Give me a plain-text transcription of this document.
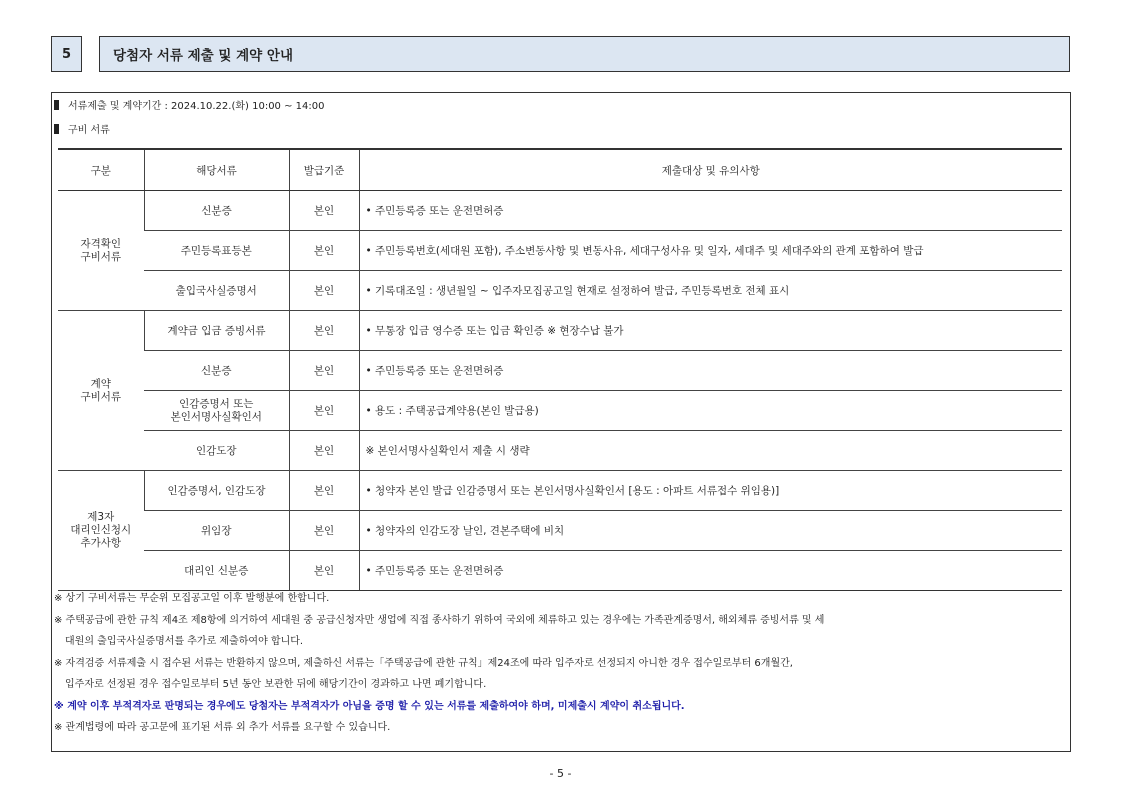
5	당첨자 서류 제출 및 계약 안내
서류제출 및 계약기간 : 2024.10.22.(화) 10:00 ~ 14:00
구비 서류
구분	해당서류	발급기준	제출대상 및 유의사항
자격확인
구비서류	신분증	본인	• 주민등록증 또는 운전면허증
	주민등록표등본	본인	• 주민등록번호(세대원 포함), 주소변동사항 및 변동사유, 세대구성사유 및 일자, 세대주 및 세대주와의 관계 포함하여 발급
	출입국사실증명서	본인	• 기록대조일 : 생년월일 ~ 입주자모집공고일 현재로 설정하여 발급, 주민등록번호 전체 표시
계약
구비서류	계약금 입금 증빙서류	본인	• 무통장 입금 영수증 또는 입금 확인증 ※ 현장수납 불가
	신분증	본인	• 주민등록증 또는 운전면허증
	인감증명서 또는
본인서명사실확인서	본인	• 용도 : 주택공급계약용(본인 발급용)
	인감도장	본인	※ 본인서명사실확인서 제출 시 생략
제3자
대리인신청시
추가사항	인감증명서, 인감도장	본인	• 청약자 본인 발급 인감증명서 또는 본인서명사실확인서 [용도 : 아파트 서류접수 위임용)]
	위임장	본인	• 청약자의 인감도장 날인, 견본주택에 비치
	대리인 신분증	본인	• 주민등록증 또는 운전면허증

※ 상기 구비서류는 무순위 모집공고일 이후 발행분에 한합니다.

※ 주택공급에 관한 규칙 제4조 제8항에 의거하여 세대원 중 공급신청자만 생업에 직접 종사하기 위하여 국외에 체류하고 있는 경우에는 가족관계증명서, 해외체류 증빙서류 및 세

대원의 출입국사실증명서를 추가로 제출하여야 합니다.

※ 자격검증 서류제출 시 접수된 서류는 반환하지 않으며, 제출하신 서류는「주택공급에 관한 규칙」제24조에 따라 입주자로 선정되지 아니한 경우 접수일로부터 6개월간,

입주자로 선정된 경우 접수일로부터 5년 동안 보관한 뒤에 해당기간이 경과하고 나면 폐기합니다.

※ 계약 이후 부적격자로 판명되는 경우에도 당첨자는 부적격자가 아님을 증명 할 수 있는 서류를 제출하여야 하며, 미제출시 계약이 취소됩니다.

※ 관계법령에 따라 공고문에 표기된 서류 외 추가 서류를 요구할 수 있습니다.

- 5 -
